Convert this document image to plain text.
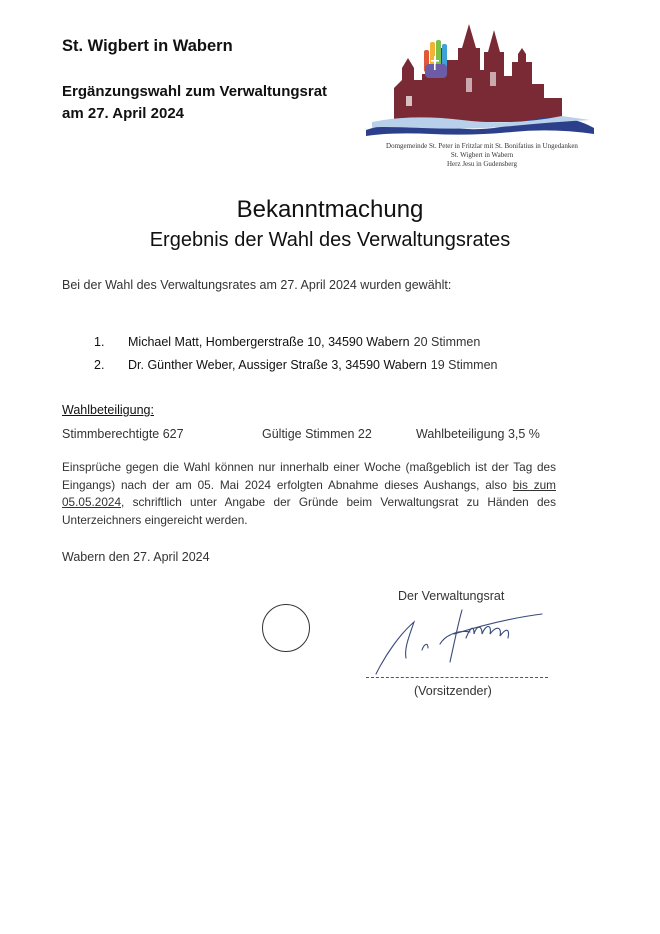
St. Wigbert in Wabern
Ergänzungswahl zum Verwaltungsrat
am 27. April 2024
Domgemeinde St. Peter in Fritzlar mit St. Bonifatius in Ungedanken
St. Wigbert in Wabern
Herz Jesu in Gudensberg
Bekanntmachung
Ergebnis der Wahl des Verwaltungsrates
Bei der Wahl des Verwaltungsrates am 27. April 2024 wurden gewählt:
1.	Michael Matt, Hombergerstraße 10, 34590 Wabern 20 Stimmen
2.	Dr. Günther Weber, Aussiger Straße 3, 34590 Wabern 19 Stimmen
Wahlbeteiligung:
Stimmberechtigte 627	Gültige Stimmen 22	Wahlbeteiligung 3,5 %
Einsprüche gegen die Wahl können nur innerhalb einer Woche (maßgeblich ist der Tag des Eingangs) nach der am 05. Mai 2024 erfolgten Abnahme dieses Aushangs, also bis zum 05.05.2024, schriftlich unter Angabe der Gründe beim Verwaltungsrat zu Händen des Unterzeichners eingereicht werden.
Wabern den 27. April 2024
Der Verwaltungsrat
(Vorsitzender)
